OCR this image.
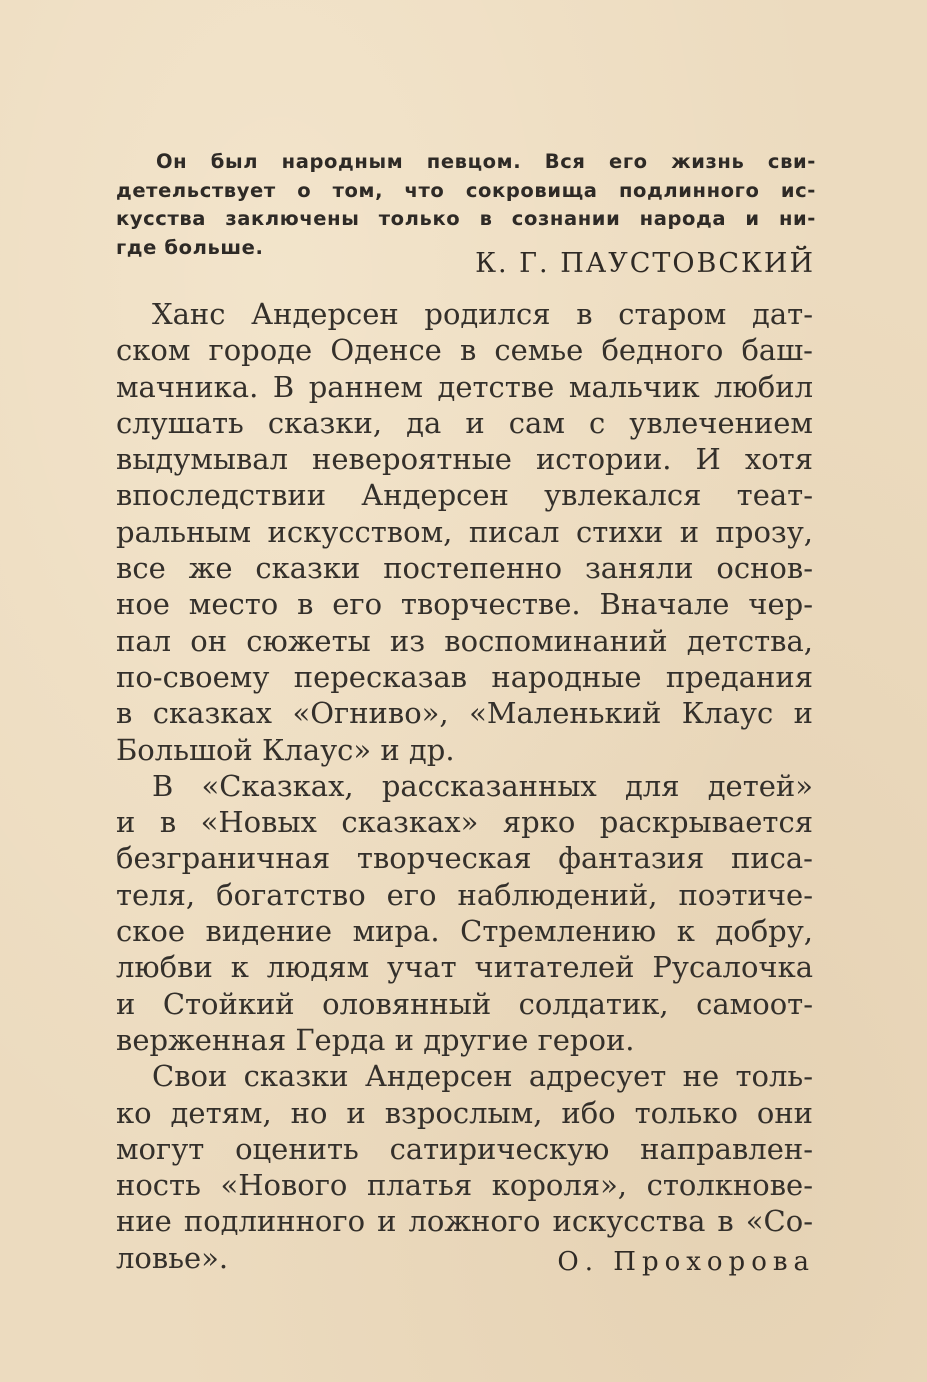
Он был народным певцом. Вся его жизнь сви-
детельствует о том, что сокровища подлинного ис-
кусства заключены только в сознании народа и ни-
где больше.
К. Г. ПАУСТОВСКИЙ
Ханс Андерсен родился в старом дат-
ском городе Оденсе в семье бедного баш-
мачника. В раннем детстве мальчик любил
слушать сказки, да и сам с увлечением
выдумывал невероятные истории. И хотя
впоследствии Андерсен увлекался теат-
ральным искусством, писал стихи и прозу,
все же сказки постепенно заняли основ-
ное место в его творчестве. Вначале чер-
пал он сюжеты из воспоминаний детства,
по-своему пересказав народные предания
в сказках «Огниво», «Маленький Клаус и
Большой Клаус» и др.
В «Сказках, рассказанных для детей»
и в «Новых сказках» ярко раскрывается
безграничная творческая фантазия писа-
теля, богатство его наблюдений, поэтиче-
ское видение мира. Стремлению к добру,
любви к людям учат читателей Русалочка
и Стойкий оловянный солдатик, самоот-
верженная Герда и другие герои.
Свои сказки Андерсен адресует не толь-
ко детям, но и взрослым, ибо только они
могут оценить сатирическую направлен-
ность «Нового платья короля», столкнове-
ние подлинного и ложного искусства в «Со-
ловье».	О. Прохорова
